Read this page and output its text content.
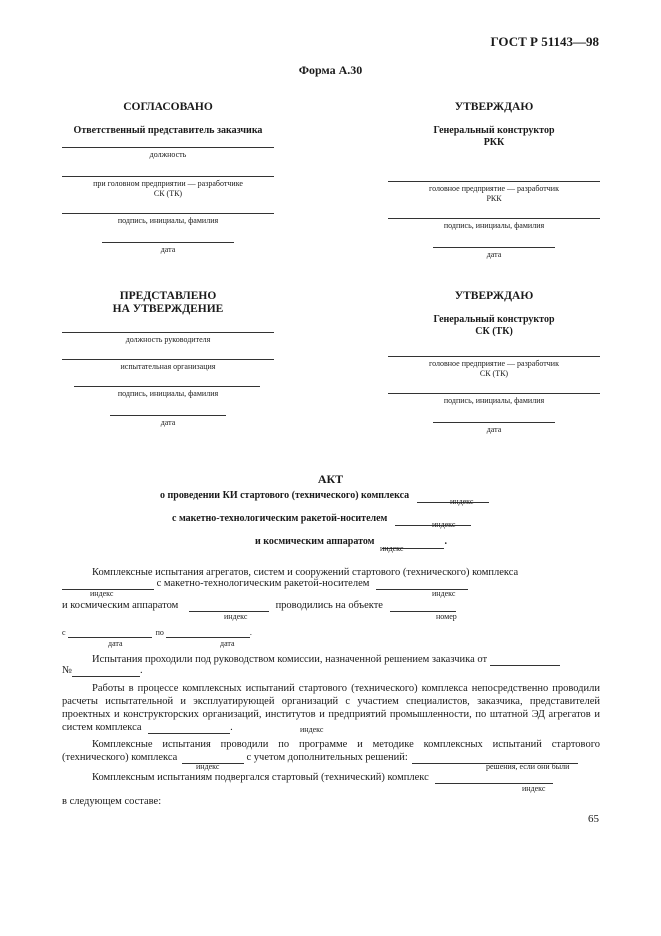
ГОСТ Р 51143—98
Форма А.30
СОГЛАСОВАНО
Ответственный представитель заказчика
должность
при головном предприятии — разработчике
СК (ТК)
подпись, инициалы, фамилия
дата
УТВЕРЖДАЮ
Генеральный конструктор
РКК
головное предприятие — разработчик
РКК
подпись, инициалы, фамилия
дата
ПРЕДСТАВЛЕНО
НА УТВЕРЖДЕНИЕ
должность руководителя
испытательная организация
подпись, инициалы, фамилия
дата
УТВЕРЖДАЮ
Генеральный конструктор
СК (ТК)
головное предприятие — разработчик
СК (ТК)
подпись, инициалы, фамилия
дата
АКТ
о проведении КИ стартового (технического) комплекса
индекс
с макетно-технологическим ракетой-носителем
индекс
и космическим аппаратом	.
индекс
Комплексные испытания агрегатов, систем и сооружений стартового (технического) комплекса
с макетно-технологическим ракетой-носителем
индекс	индекс
и космическим аппаратом	проводились на объекте
индекс	номер
с	по	.
дата	дата
Испытания проходили под руководством комиссии, назначенной решением заказчика от
№	.
Работы в процессе комплексных испытаний стартового (технического) комплекса непосредственно проводили расчеты испытательной и эксплуатирующей организаций с участием специалистов, заказчика, представителей проектных и конструкторских организаций, институтов и предприятий промышленности, по штатной ЭД агрегатов и систем комплекса	.	индекс
Комплексные испытания проводили по программе и методике комплексных испытаний стартового (технического) комплекса	с учетом дополнительных решений:
индекс	решения, если они были
Комплексным испытаниям подвергался стартовый (технический) комплекс
индекс
в следующем составе:
65
